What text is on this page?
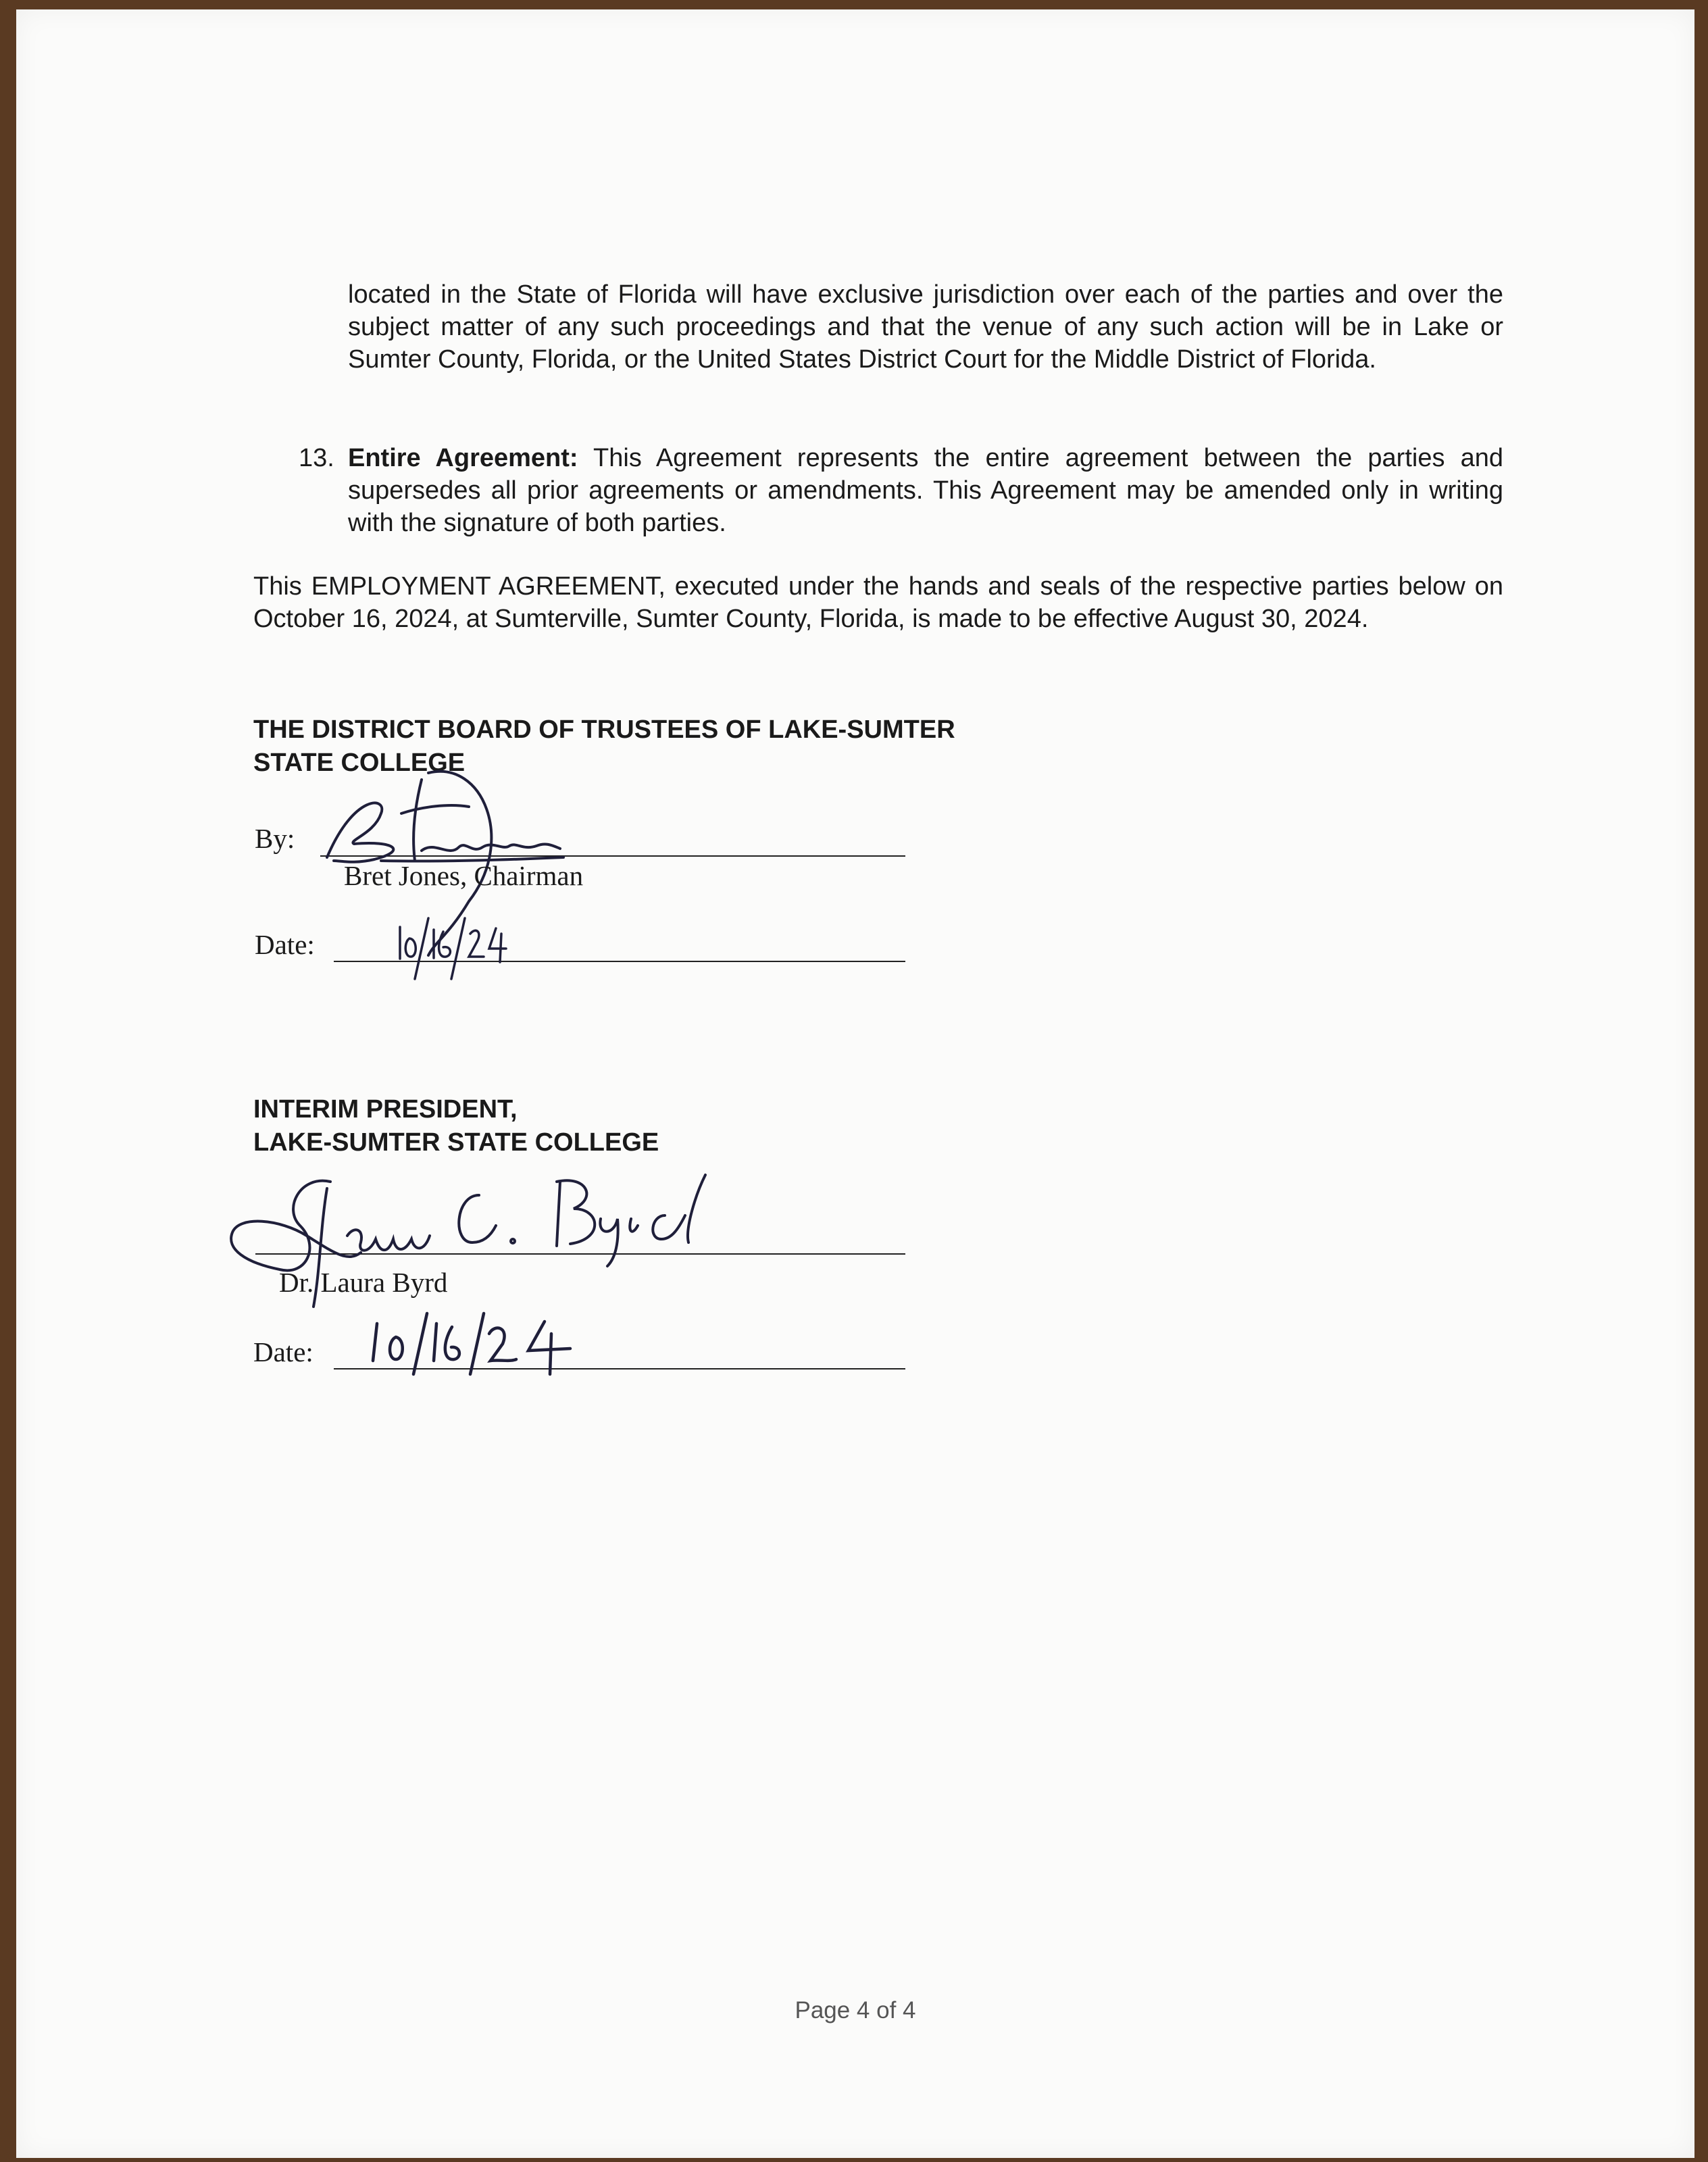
located in the State of Florida will have exclusive jurisdiction over each of the parties and over the subject matter of any such proceedings and that the venue of any such action will be in Lake or Sumter County, Florida, or the United States District Court for the Middle District of Florida.

13. Entire Agreement: This Agreement represents the entire agreement between the parties and supersedes all prior agreements or amendments. This Agreement may be amended only in writing with the signature of both parties.

This EMPLOYMENT AGREEMENT, executed under the hands and seals of the respective parties below on October 16, 2024, at Sumterville, Sumter County, Florida, is made to be effective August 30, 2024.

THE DISTRICT BOARD OF TRUSTEES OF LAKE-SUMTER STATE COLLEGE

By:
Bret Jones, Chairman
Date:
INTERIM PRESIDENT,
LAKE-SUMTER STATE COLLEGE
Dr. Laura Byrd
Date:
Page 4 of 4
